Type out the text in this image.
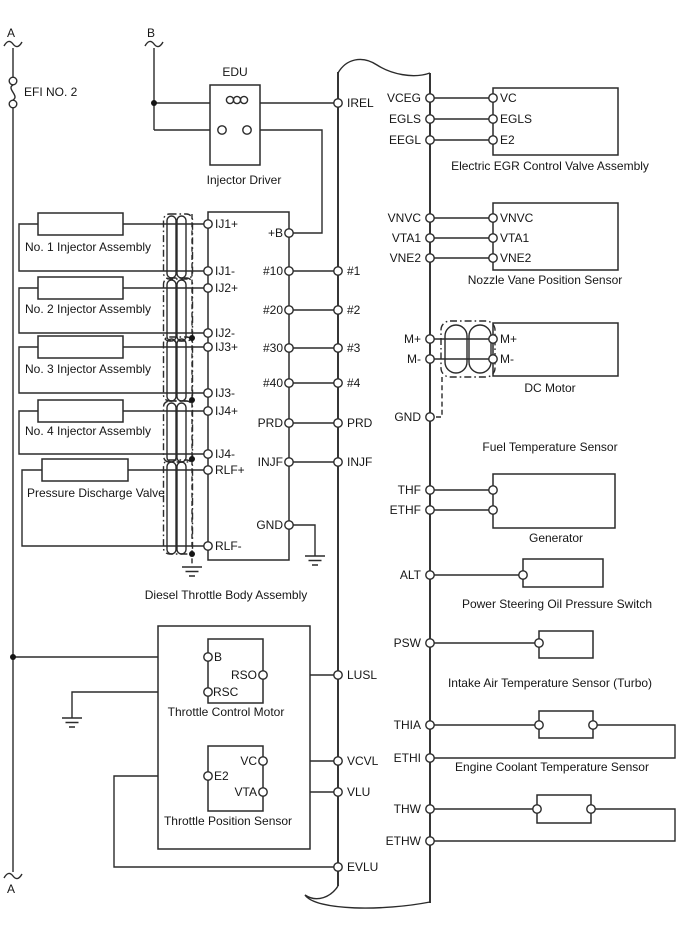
A	B
A
EFI NO. 2
EDU
Injector Driver
No. 1 Injector Assembly
No. 2 Injector Assembly
No. 3 Injector Assembly
No. 4 Injector Assembly
Pressure Discharge Valve
Diesel Throttle Body Assembly
IJ1+
IJ1-
IJ2+
IJ2-
IJ3+
IJ3-
IJ4+
IJ4-
RLF+
RLF-
+B
#10
#20
#30
#40
PRD
INJF
GND
IREL
#1
#2
#3
#4
PRD
INJF
LUSL
VCVL
VLU
EVLU
VCEG
EGLS
EEGL
VNVC
VTA1
VNE2
M+
M-
GND
THF
ETHF
ALT
PSW
THIA
ETHI
THW
ETHW
VC
EGLS
E2
Electric EGR Control Valve Assembly
VNVC
VTA1
VNE2
Nozzle Vane Position Sensor
M+
M-
DC Motor
Fuel Temperature Sensor
Generator
Power Steering Oil Pressure Switch
Intake Air Temperature Sensor (Turbo)
Engine Coolant Temperature Sensor
B
RSO
RSC
Throttle Control Motor
VC
E2
VTA
Throttle Position Sensor
